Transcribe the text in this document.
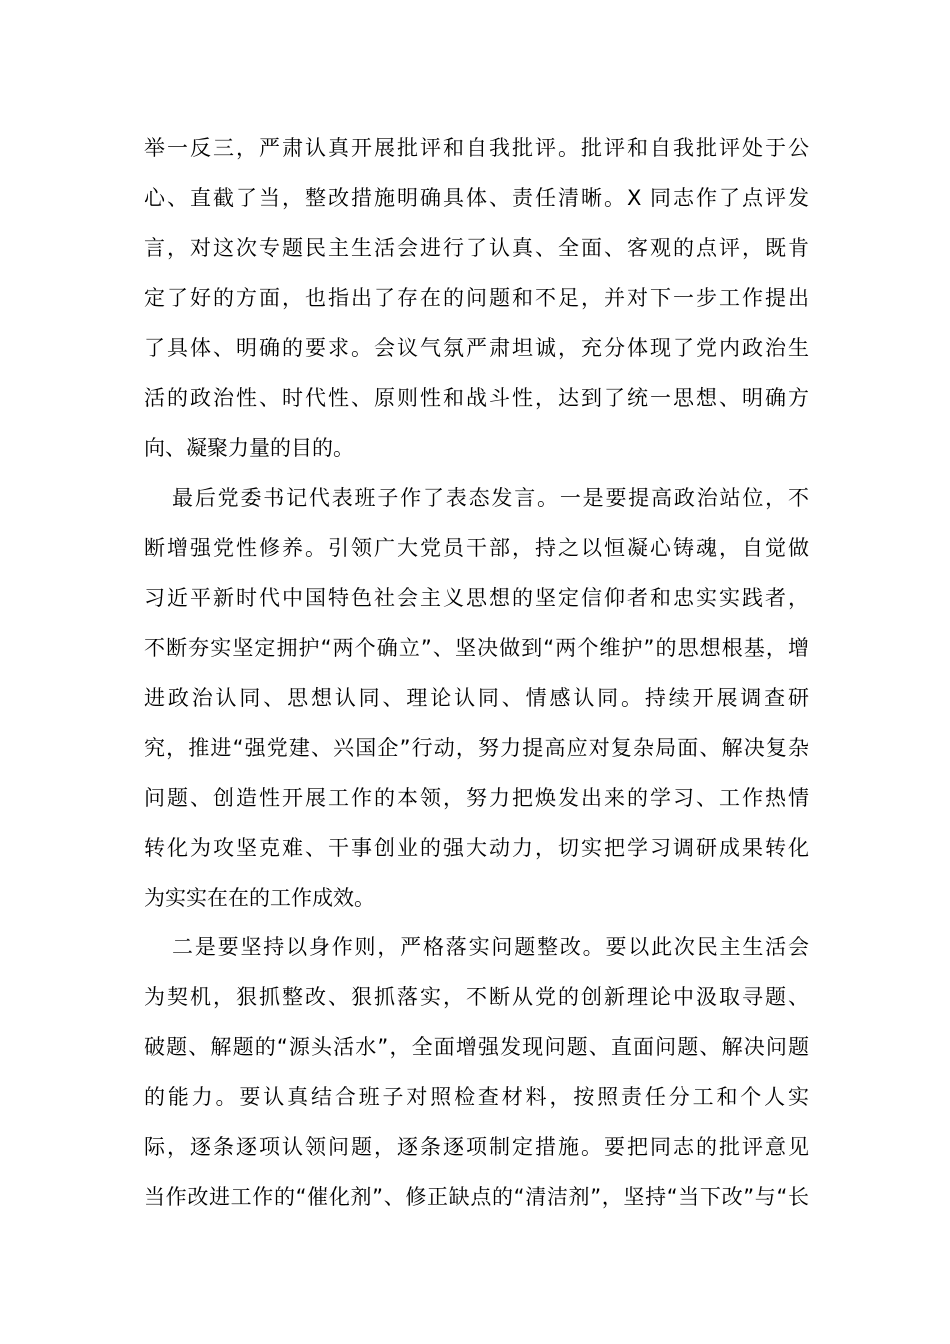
举一反三，严肃认真开展批评和自我批评。批评和自我批评处于公
心、直截了当，整改措施明确具体、责任清晰。X 同志作了点评发
言，对这次专题民主生活会进行了认真、全面、客观的点评，既肯
定了好的方面，也指出了存在的问题和不足，并对下一步工作提出
了具体、明确的要求。会议气氛严肃坦诚，充分体现了党内政治生
活的政治性、时代性、原则性和战斗性，达到了统一思想、明确方
向、凝聚力量的目的。
最后党委书记代表班子作了表态发言。一是要提高政治站位，不
断增强党性修养。引领广大党员干部，持之以恒凝心铸魂，自觉做
习近平新时代中国特色社会主义思想的坚定信仰者和忠实实践者，
不断夯实坚定拥护“两个确立”、坚决做到“两个维护”的思想根基，增
进政治认同、思想认同、理论认同、情感认同。持续开展调查研
究，推进“强党建、兴国企”行动，努力提高应对复杂局面、解决复杂
问题、创造性开展工作的本领，努力把焕发出来的学习、工作热情
转化为攻坚克难、干事创业的强大动力，切实把学习调研成果转化
为实实在在的工作成效。
二是要坚持以身作则，严格落实问题整改。要以此次民主生活会
为契机，狠抓整改、狠抓落实，不断从党的创新理论中汲取寻题、
破题、解题的“源头活水”，全面增强发现问题、直面问题、解决问题
的能力。要认真结合班子对照检查材料，按照责任分工和个人实
际，逐条逐项认领问题，逐条逐项制定措施。要把同志的批评意见
当作改进工作的“催化剂”、修正缺点的“清洁剂”，坚持“当下改”与“长
